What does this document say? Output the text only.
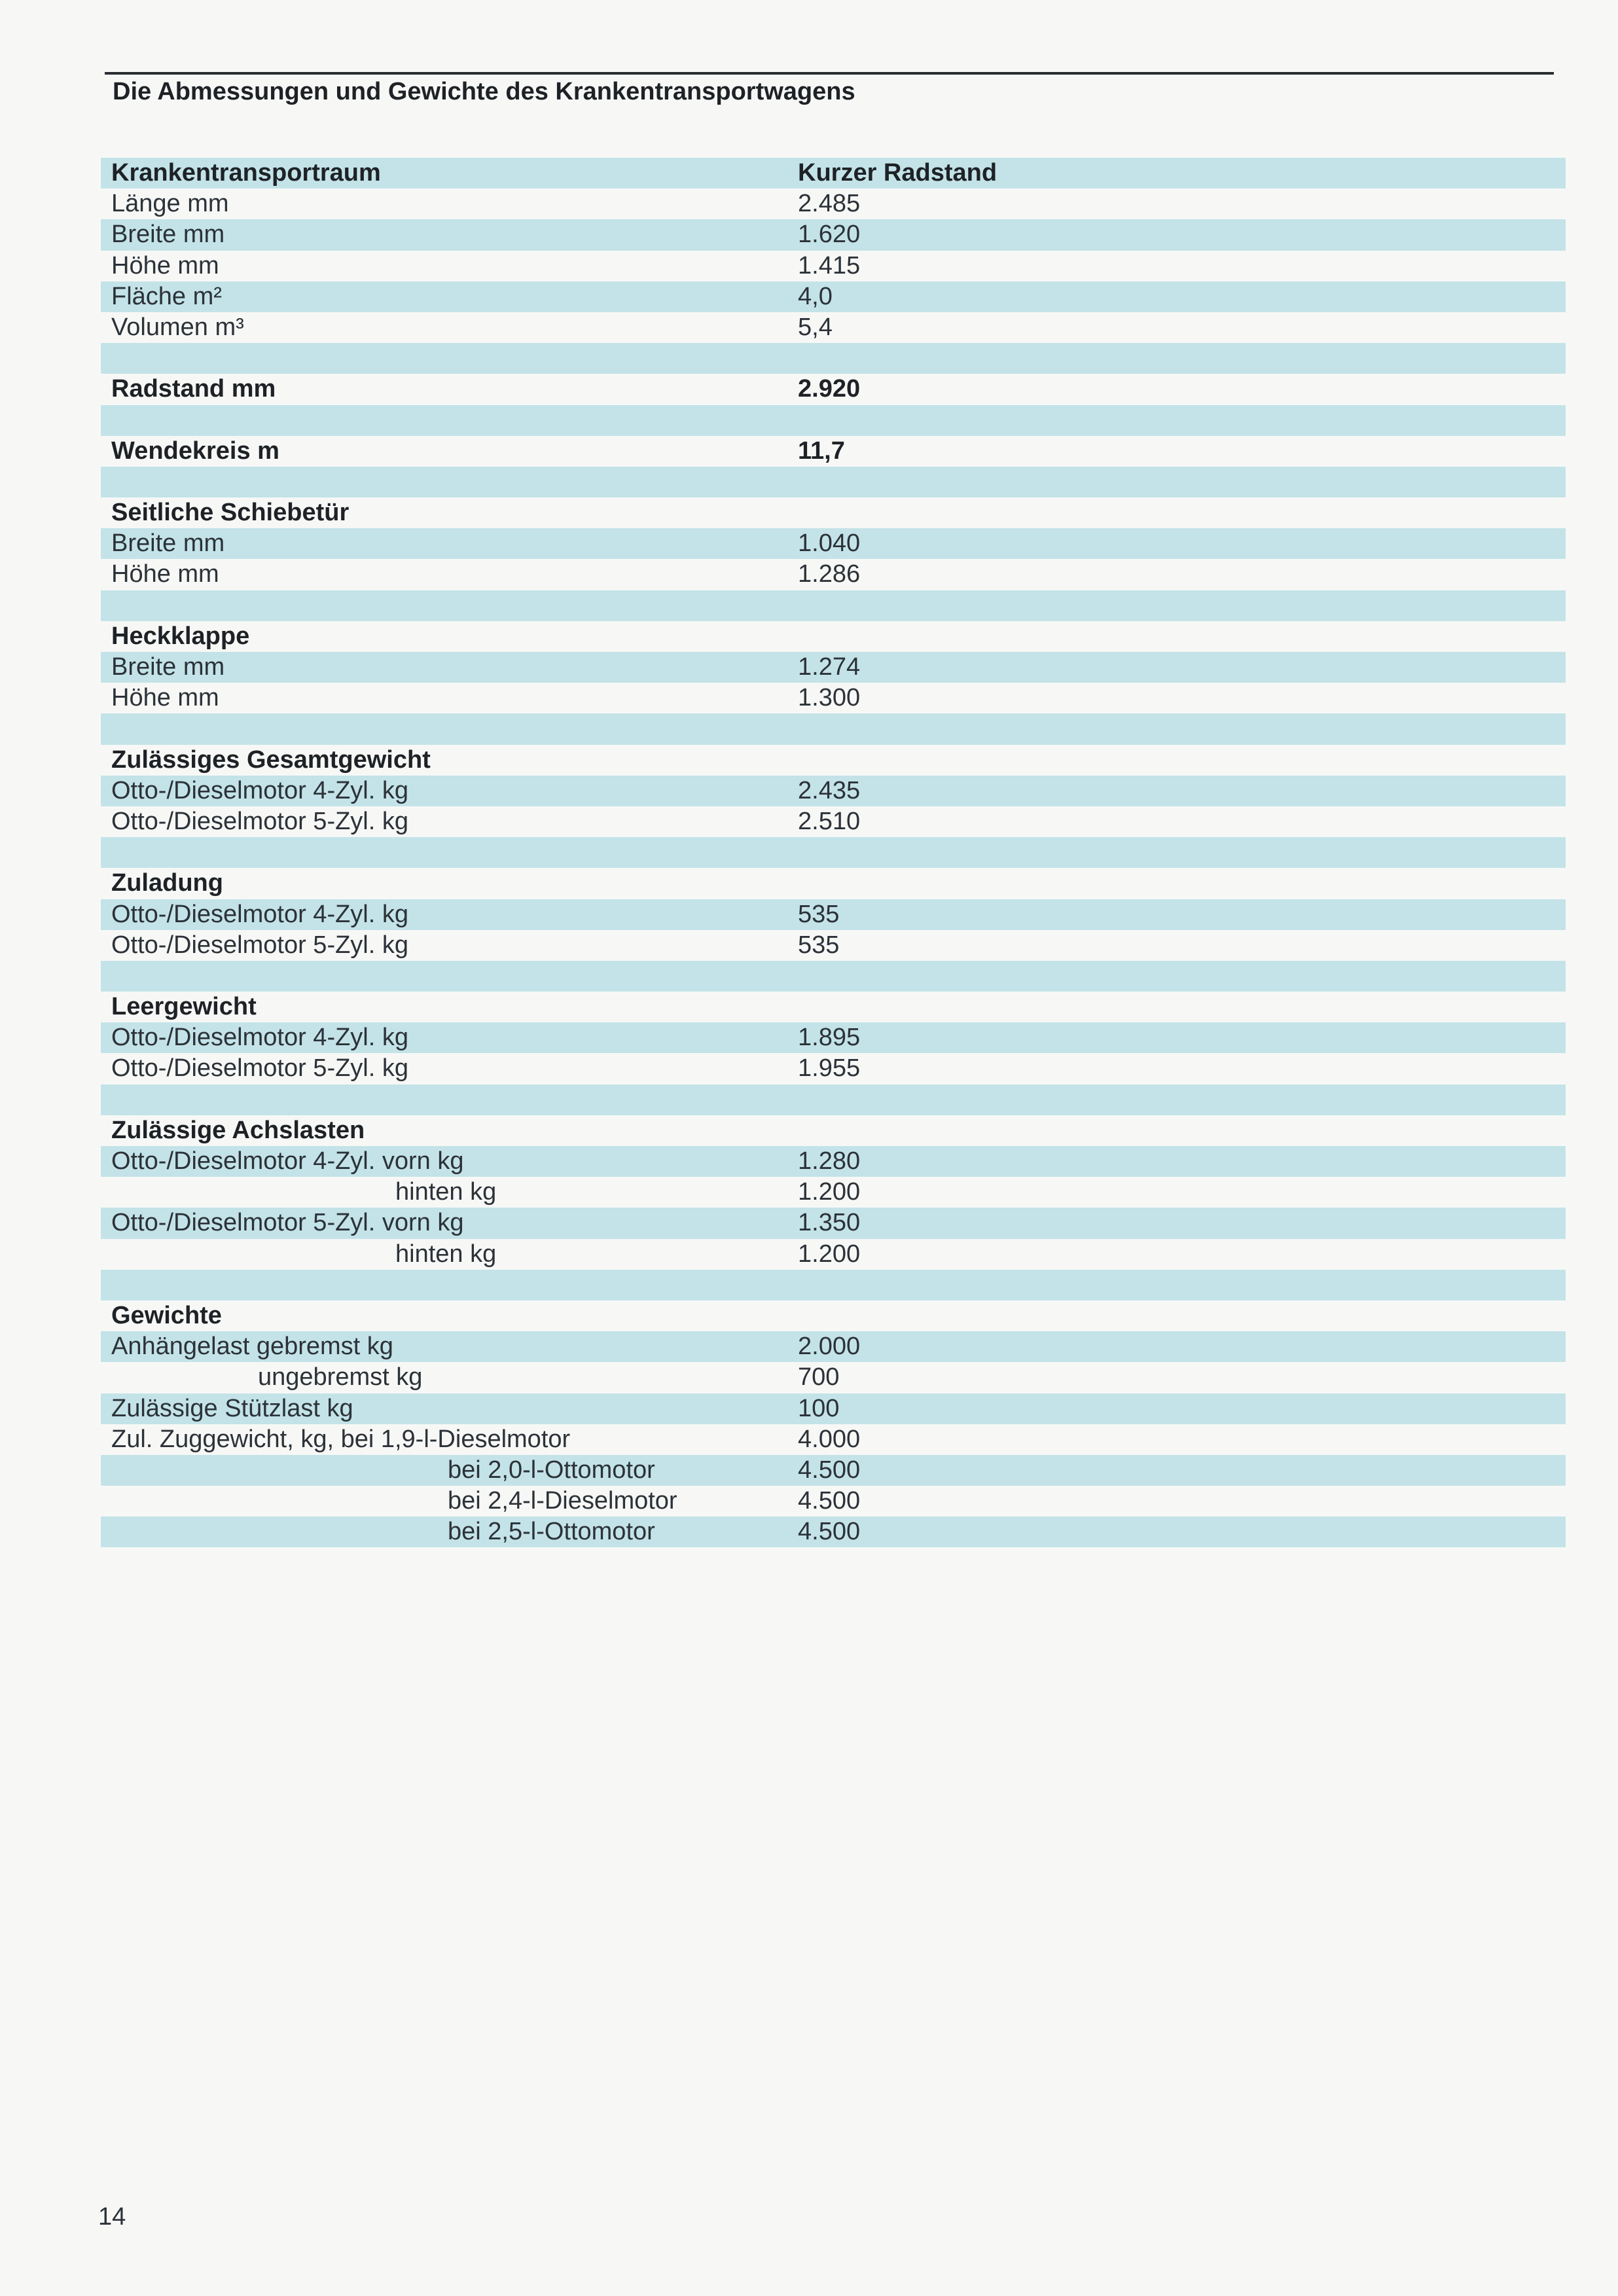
Die Abmessungen und Gewichte des Krankentransportwagens
Krankentransportraum	Kurzer Radstand
Länge mm	2.485
Breite mm	1.620
Höhe mm	1.415
Fläche m²	4,0
Volumen m³	5,4
Radstand mm	2.920
Wendekreis m	11,7
Seitliche Schiebetür
Breite mm	1.040
Höhe mm	1.286
Heckklappe
Breite mm	1.274
Höhe mm	1.300
Zulässiges Gesamtgewicht
Otto-/Dieselmotor 4-Zyl. kg	2.435
Otto-/Dieselmotor 5-Zyl. kg	2.510
Zuladung
Otto-/Dieselmotor 4-Zyl. kg	535
Otto-/Dieselmotor 5-Zyl. kg	535
Leergewicht
Otto-/Dieselmotor 4-Zyl. kg	1.895
Otto-/Dieselmotor 5-Zyl. kg	1.955
Zulässige Achslasten
Otto-/Dieselmotor 4-Zyl. vorn kg	1.280
hinten kg	1.200
Otto-/Dieselmotor 5-Zyl. vorn kg	1.350
hinten kg	1.200
Gewichte
Anhängelast gebremst kg	2.000
ungebremst kg	700
Zulässige Stützlast kg	100
Zul. Zuggewicht, kg, bei 1,9-l-Dieselmotor	4.000
bei 2,0-l-Ottomotor	4.500
bei 2,4-l-Dieselmotor	4.500
bei 2,5-l-Ottomotor	4.500
14
